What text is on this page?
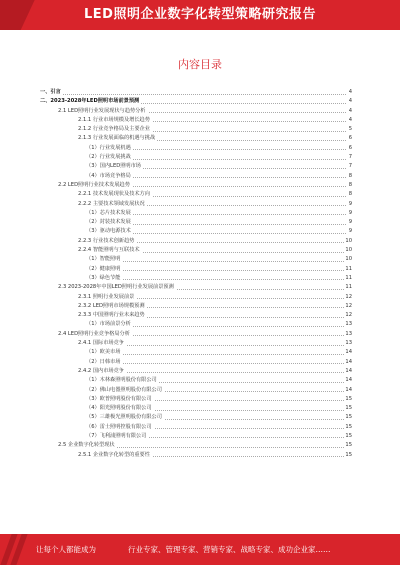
LED照明企业数字化转型策略研究报告
内容目录
一、引言	4
二、2023-2028年LED照明市场前景预测	4
2.1 LED照明行业发展现状与趋势分析	4
2.1.1 行业市场规模及增长趋势	4
2.1.2 行业竞争格局及主要企业	5
2.1.3 行业发展面临的机遇与挑战	6
（1）行业发展机遇	6
（2）行业发展挑战	7
（3）国内LED照明市场	7
（4）市场竞争格局	8
2.2 LED照明行业技术发展趋势	8
2.2.1 技术发展现状及技术方向	8
2.2.2 主要技术领域发展状况	9
（1）芯片技术发展	9
（2）封装技术发展	9
（3）驱动电源技术	9
2.2.3 行业技术创新趋势	10
2.2.4 智能照明与互联技术	10
（1）智能照明	10
（2）健康照明	11
（3）绿色节能	11
2.3 2023-2028年中国LED照明行业发展前景预测	11
2.3.1 照明行业发展前景	12
2.3.2 LED照明市场规模预测	12
2.3.3 中国照明行业未来趋势	12
（1）市场前景分析	13
2.4 LED照明行业竞争格局分析	13
2.4.1 国际市场竞争	13
（1）欧美市场	14
（2）日韩市场	14
2.4.2 国内市场竞争	14
（1）木林森照明股份有限公司	14
（2）佛山电器照明股份有限公司	14
（3）欧普照明股份有限公司	15
（4）阳光照明股份有限公司	15
（5）三雄极光照明股份有限公司	15
（6）雷士照明控股有限公司	15
（7）飞利浦照明有限公司	15
2.5 企业数字化转型现状	15
2.5.1 企业数字化转型的重要性	15
让每个人都能成为	行业专家、管理专家、营销专家、战略专家、成功企业家……
